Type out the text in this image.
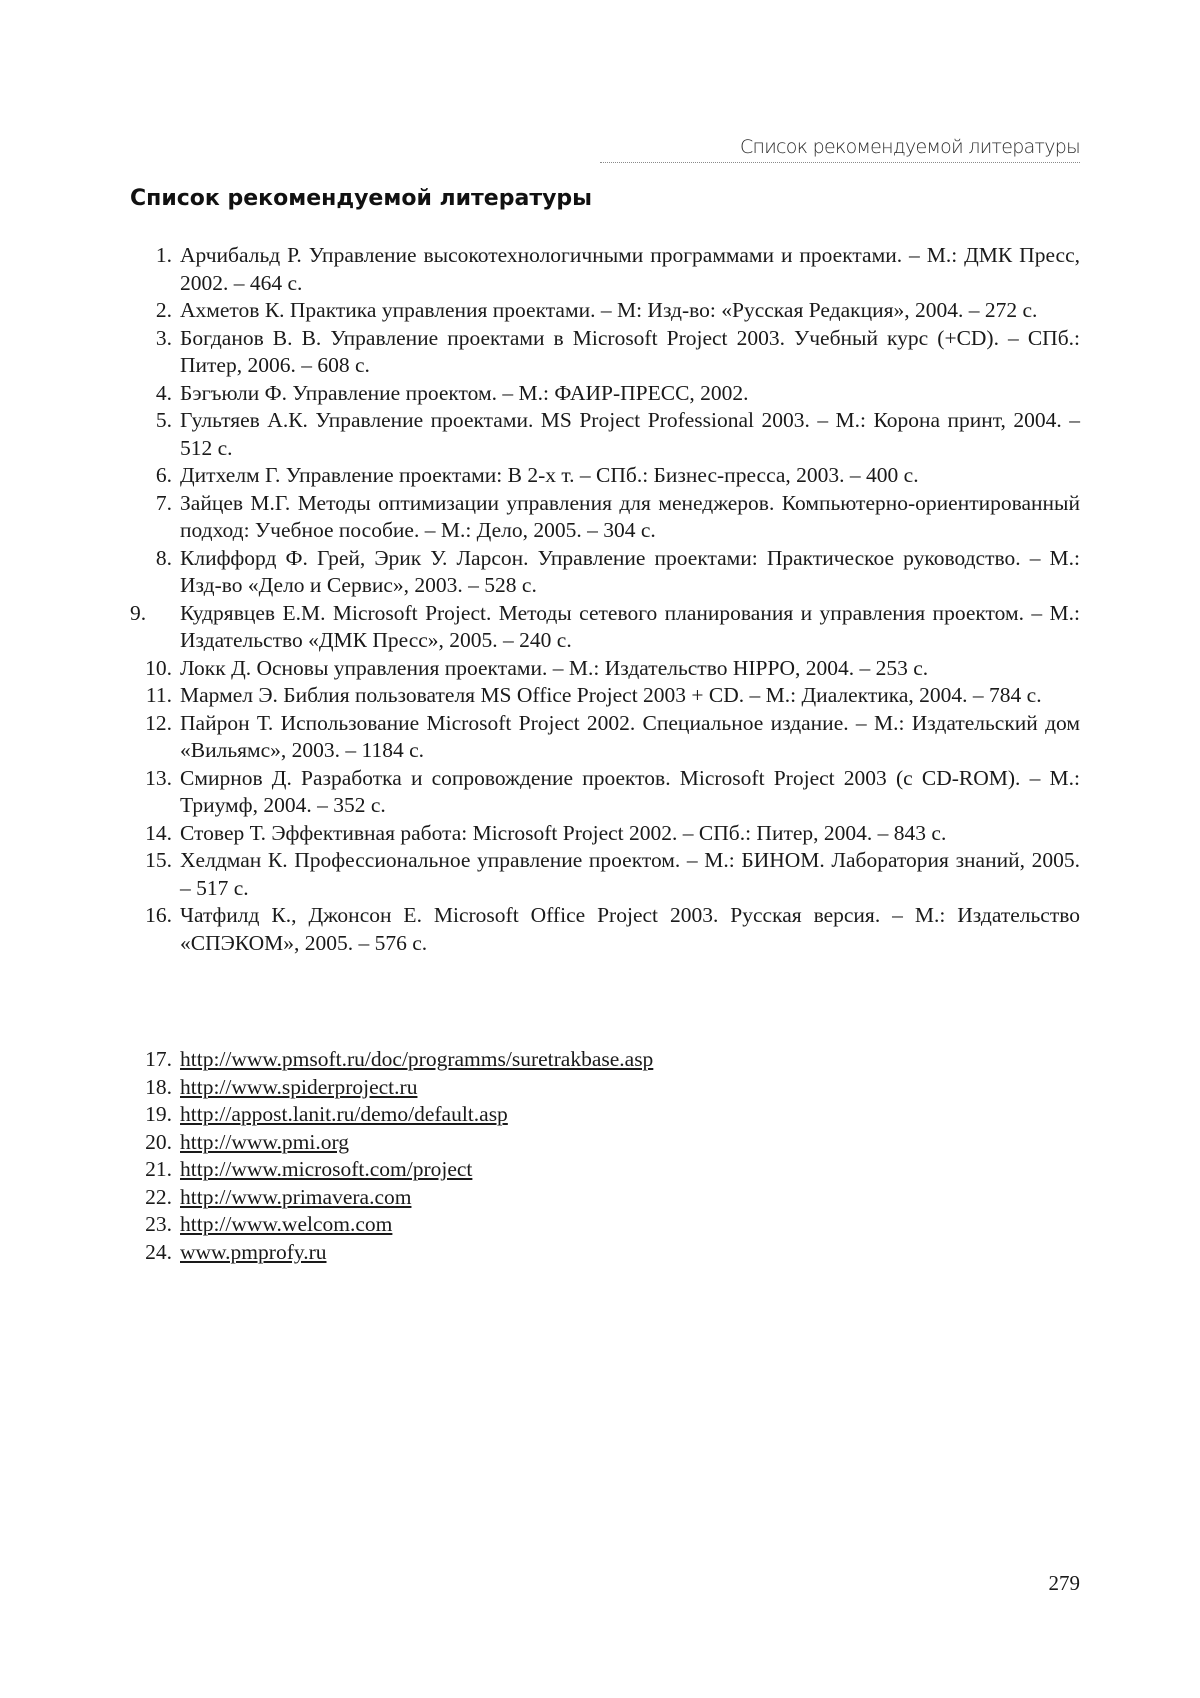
Список рекомендуемой литературы
Список рекомендуемой литературы
1. Арчибальд Р. Управление высокотехнологичными программами и проектами. – М.: ДМК Пресс, 2002. – 464 с.
2. Ахметов К. Практика управления проектами. – М: Изд-во: «Русская Редакция», 2004. – 272 с.
3. Богданов В. В. Управление проектами в Microsoft Project 2003. Учебный курс (+CD). – СПб.: Питер, 2006. – 608 с.
4. Бэгъюли Ф. Управление проектом. – М.: ФАИР-ПРЕСС, 2002.
5. Гультяев А.К. Управление проектами. MS Project Professional 2003. – М.: Корона принт, 2004. – 512 с.
6. Дитхелм Г. Управление проектами: В 2-х т. – СПб.: Бизнес-пресса, 2003. – 400 с.
7. Зайцев М.Г. Методы оптимизации управления для менеджеров. Компьютерно-ориентированный подход: Учебное пособие. – М.: Дело, 2005. – 304 с.
8. Клиффорд Ф. Грей, Эрик У. Ларсон. Управление проектами: Практическое руководство. – М.: Изд-во «Дело и Сервис», 2003. – 528 с.
9.	Кудрявцев Е.М. Microsoft Project. Методы сетевого планирования и управления проектом. – М.: Издательство «ДМК Пресс», 2005. – 240 с.
10. Локк Д. Основы управления проектами. – М.: Издательство HIPPO, 2004. – 253 с.
11. Мармел Э. Библия пользователя MS Office Project 2003 + CD. – М.: Диалектика, 2004. – 784 с.
12. Пайрон Т. Использование Microsoft Project 2002. Специальное издание. – М.: Издательский дом «Вильямс», 2003. – 1184 с.
13. Смирнов Д. Разработка и сопровождение проектов. Microsoft Project 2003 (с CD-ROM). – М.: Триумф, 2004. – 352 с.
14. Стовер Т. Эффективная работа: Microsoft Project 2002. – СПб.: Питер, 2004. – 843 с.
15. Хелдман К. Профессиональное управление проектом. – М.: БИНОМ. Лаборатория знаний, 2005. – 517 с.
16. Чатфилд К., Джонсон Е. Microsoft Office Project 2003. Русская версия. – М.: Издательство «СПЭКОМ», 2005. – 576 с.
17. http://www.pmsoft.ru/doc/programms/suretrakbase.asp
18. http://www.spiderproject.ru
19. http://appost.lanit.ru/demo/default.asp
20. http://www.pmi.org
21. http://www.microsoft.com/project
22. http://www.primavera.com
23. http://www.welcom.com
24. www.pmprofy.ru
279
